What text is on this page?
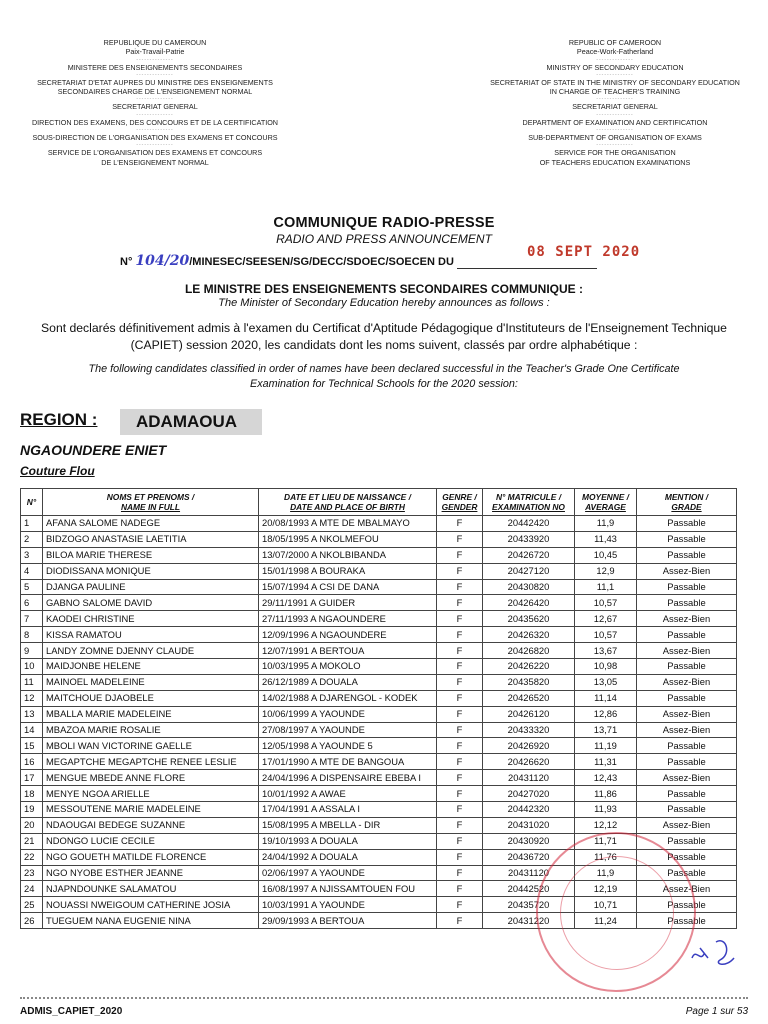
REPUBLIQUE DU CAMEROUN
Paix-Travail-Patrie
--------------
MINISTERE DES ENSEIGNEMENTS SECONDAIRES
--------------
SECRETARIAT D'ETAT AUPRES DU MINISTRE DES ENSEIGNEMENTS
SECONDAIRES CHARGE DE L'ENSEIGNEMENT NORMAL
--------------
SECRETARIAT GENERAL
--------------
DIRECTION DES EXAMENS, DES CONCOURS ET DE LA CERTIFICATION
--------------
SOUS-DIRECTION DE L'ORGANISATION DES EXAMENS ET CONCOURS
--------------
SERVICE DE L'ORGANISATION DES EXAMENS ET CONCOURS
DE L'ENSEIGNEMENT NORMAL
REPUBLIC OF CAMEROON
Peace-Work-Fatherland
--------------
MINISTRY OF SECONDARY EDUCATION
--------------
SECRETARIAT OF STATE IN THE MINISTRY OF SECONDARY EDUCATION
IN CHARGE OF TEACHER'S TRAINING
--------------
SECRETARIAT GENERAL
--------------
DEPARTMENT OF EXAMINATION AND CERTIFICATION
--------------
SUB-DEPARTMENT OF ORGANISATION OF EXAMS
--------------
SERVICE FOR THE ORGANISATION
OF TEACHERS EDUCATION EXAMINATIONS
COMMUNIQUE RADIO-PRESSE
RADIO AND PRESS ANNOUNCEMENT
N° 104/20/MINESEC/SEESEN/SG/DECC/SDOEC/SOECEN DU
08 SEPT 2020
LE MINISTRE DES ENSEIGNEMENTS SECONDAIRES COMMUNIQUE :
The Minister of Secondary Education hereby announces as follows :
Sont declarés définitivement admis à l'examen du Certificat d'Aptitude Pédagogique d'Instituteurs de l'Enseignement Technique (CAPIET) session 2020, les candidats dont les noms suivent, classés par ordre alphabétique :
The following candidates classified in order of names have been declared successful in the Teacher's Grade One Certificate Examination for Technical Schools for the 2020 session:
REGION :	ADAMAOUA
NGAOUNDERE ENIET
Couture Flou
N°	NOMS ET PRENOMS /
NAME IN FULL	DATE ET LIEU DE NAISSANCE /
DATE AND PLACE OF BIRTH	GENRE /
GENDER	N° MATRICULE /
EXAMINATION NO	MOYENNE /
AVERAGE	MENTION /
GRADE
1	AFANA SALOME NADEGE	20/08/1993 A MTE DE MBALMAYO	F	20442420	11,9	Passable
2	BIDZOGO ANASTASIE LAETITIA	18/05/1995 A NKOLMEFOU	F	20433920	11,43	Passable
3	BILOA MARIE THERESE	13/07/2000 A NKOLBIBANDA	F	20426720	10,45	Passable
4	DIODISSANA MONIQUE	15/01/1998 A BOURAKA	F	20427120	12,9	Assez-Bien
5	DJANGA PAULINE	15/07/1994 A CSI DE DANA	F	20430820	11,1	Passable
6	GABNO SALOME DAVID	29/11/1991 A GUIDER	F	20426420	10,57	Passable
7	KAODEI CHRISTINE	27/11/1993 A NGAOUNDERE	F	20435620	12,67	Assez-Bien
8	KISSA RAMATOU	12/09/1996 A NGAOUNDERE	F	20426320	10,57	Passable
9	LANDY ZOMNE DJENNY CLAUDE	12/07/1991 A BERTOUA	F	20426820	13,67	Assez-Bien
10	MAIDJONBE HELENE	10/03/1995 A MOKOLO	F	20426220	10,98	Passable
11	MAINOEL MADELEINE	26/12/1989 A DOUALA	F	20435820	13,05	Assez-Bien
12	MAITCHOUE DJAOBELE	14/02/1988 A DJARENGOL - KODEK	F	20426520	11,14	Passable
13	MBALLA MARIE MADELEINE	10/06/1999 A YAOUNDE	F	20426120	12,86	Assez-Bien
14	MBAZOA MARIE ROSALIE	27/08/1997 A YAOUNDE	F	20433320	13,71	Assez-Bien
15	MBOLI WAN VICTORINE GAELLE	12/05/1998 A YAOUNDE 5	F	20426920	11,19	Passable
16	MEGAPTCHE MEGAPTCHE RENEE LESLIE	17/01/1990 A MTE DE BANGOUA	F	20426620	11,31	Passable
17	MENGUE MBEDE ANNE FLORE	24/04/1996 A DISPENSAIRE EBEBA I	F	20431120	12,43	Assez-Bien
18	MENYE NGOA ARIELLE	10/01/1992 A AWAE	F	20427020	11,86	Passable
19	MESSOUTENE MARIE MADELEINE	17/04/1991 A ASSALA I	F	20442320	11,93	Passable
20	NDAOUGAI BEDEGE SUZANNE	15/08/1995 A MBELLA - DIR	F	20431020	12,12	Assez-Bien
21	NDONGO LUCIE CECILE	19/10/1993 A DOUALA	F	20430920	11,71	Passable
22	NGO GOUETH MATILDE FLORENCE	24/04/1992 A DOUALA	F	20436720	11,76	Passable
23	NGO NYOBE ESTHER JEANNE	02/06/1997 A YAOUNDE	F	20431120	11,9	Passable
24	NJAPNDOUNKE SALAMATOU	16/08/1997 A NJISSAMTOUEN FOU	F	20442520	12,19	Assez-Bien
25	NOUASSI NWEIGOUM CATHERINE JOSIA	10/03/1991 A YAOUNDE	F	20435720	10,71	Passable
26	TUEGUEM NANA EUGENIE NINA	29/09/1993 A BERTOUA	F	20431220	11,24	Passable
ADMIS_CAPIET_2020	Page 1 sur 53
